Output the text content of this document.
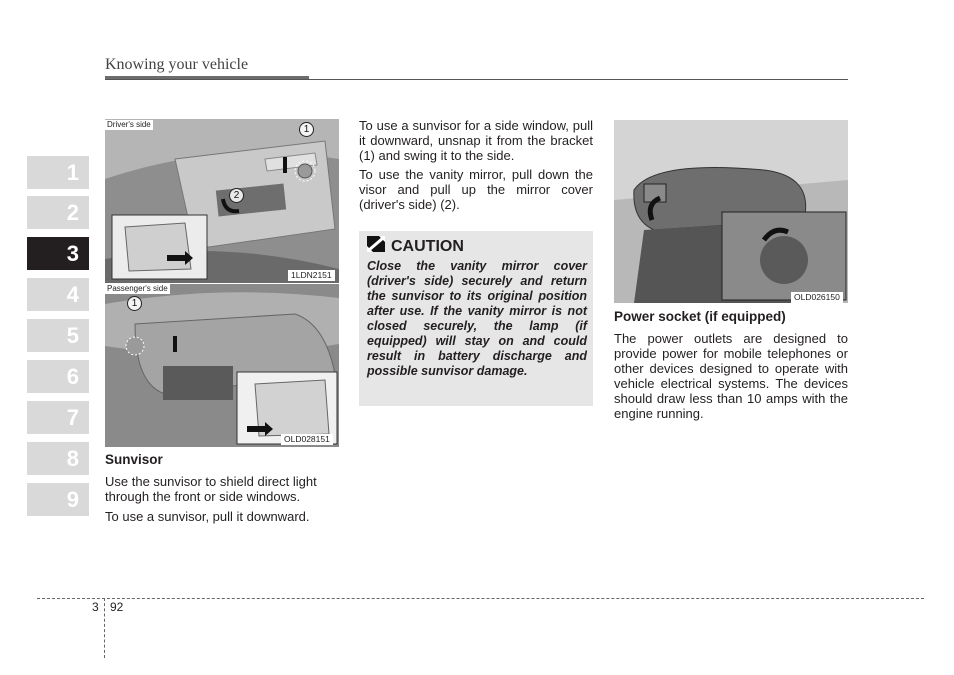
Knowing your vehicle
1
2
3
4
5
6
7
8
9
Driver's side	1
2
1LDN2151
Passenger's side
1
OLD028151
Sunvisor
Use the sunvisor to shield direct light through the front or side windows.
To use a sunvisor, pull it downward.
To use a sunvisor for a side window, pull it downward, unsnap it from the bracket (1) and swing it to the side.
To use the vanity mirror, pull down the visor and pull up the mirror cover (driver's side) (2).
CAUTION
Close the vanity mirror cover (driver's side) securely and return the sunvisor to its original position after use. If the vanity mirror is not closed securely, the lamp (if equipped) will stay on and could result in battery discharge and possible sunvisor damage.
OLD026150
Power socket (if equipped)
The power outlets are designed to provide power for mobile telephones or other devices designed to operate with vehicle electrical systems. The devices should draw less than 10 amps with the engine running.
3 92
